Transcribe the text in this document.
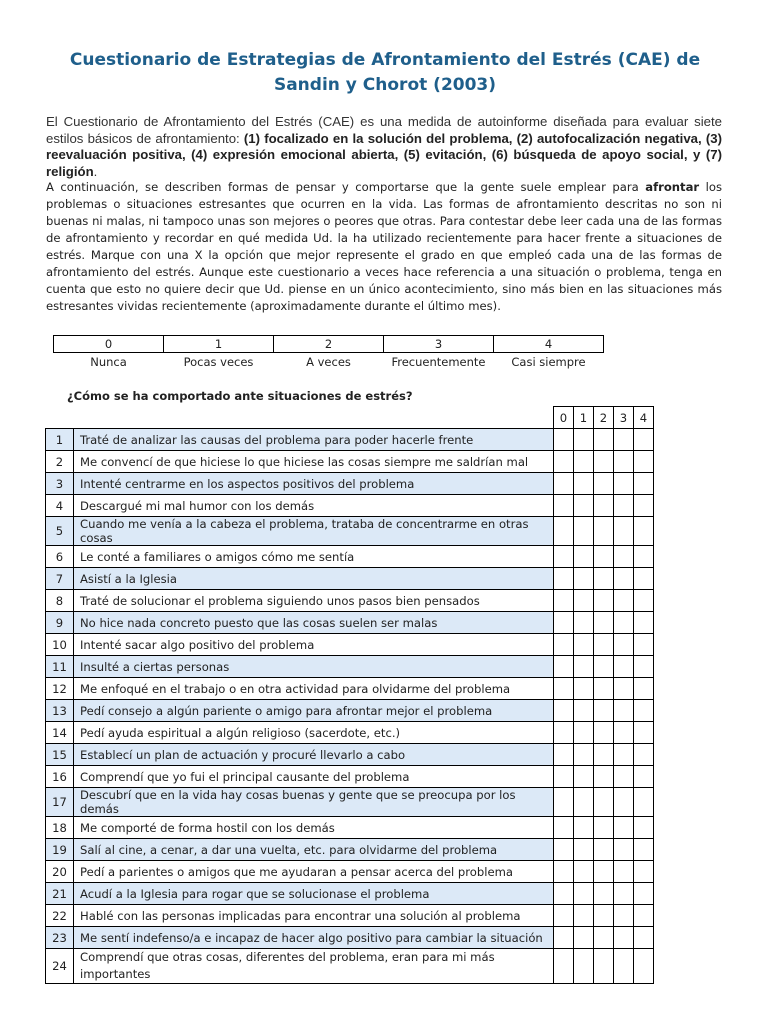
Cuestionario de Estrategias de Afrontamiento del Estrés (CAE) de Sandin y Chorot (2003)

El Cuestionario de Afrontamiento del Estrés (CAE) es una medida de autoinforme diseñada para evaluar siete estilos básicos de afrontamiento: (1) focalizado en la solución del problema, (2) autofocalización negativa, (3) reevaluación positiva, (4) expresión emocional abierta, (5) evitación, (6) búsqueda de apoyo social, y (7) religión.

A continuación, se describen formas de pensar y comportarse que la gente suele emplear para afrontar los problemas o situaciones estresantes que ocurren en la vida. Las formas de afrontamiento descritas no son ni buenas ni malas, ni tampoco unas son mejores o peores que otras. Para contestar debe leer cada una de las formas de afrontamiento y recordar en qué medida Ud. la ha utilizado recientemente para hacer frente a situaciones de estrés. Marque con una X la opción que mejor represente el grado en que empleó cada una de las formas de afrontamiento del estrés. Aunque este cuestionario a veces hace referencia a una situación o problema, tenga en cuenta que esto no quiere decir que Ud. piense en un único acontecimiento, sino más bien en las situaciones más estresantes vividas recientemente (aproximadamente durante el último mes).

0	1	2	3	4
Nunca	Pocas veces	A veces	Frecuentemente	Casi siempre

¿Cómo se ha comportado ante situaciones de estrés?

		0	1	2	3	4
1	Traté de analizar las causas del problema para poder hacerle frente					
2	Me convencí de que hiciese lo que hiciese las cosas siempre me saldrían mal					
3	Intenté centrarme en los aspectos positivos del problema					
4	Descargué mi mal humor con los demás					
5	Cuando me venía a la cabeza el problema, trataba de concentrarme en otras cosas					
6	Le conté a familiares o amigos cómo me sentía					
7	Asistí a la Iglesia					
8	Traté de solucionar el problema siguiendo unos pasos bien pensados					
9	No hice nada concreto puesto que las cosas suelen ser malas					
10	Intenté sacar algo positivo del problema					
11	Insulté a ciertas personas					
12	Me enfoqué en el trabajo o en otra actividad para olvidarme del problema					
13	Pedí consejo a algún pariente o amigo para afrontar mejor el problema					
14	Pedí ayuda espiritual a algún religioso (sacerdote, etc.)					
15	Establecí un plan de actuación y procuré llevarlo a cabo					
16	Comprendí que yo fui el principal causante del problema					
17	Descubrí que en la vida hay cosas buenas y gente que se preocupa por los demás					
18	Me comporté de forma hostil con los demás					
19	Salí al cine, a cenar, a dar una vuelta, etc. para olvidarme del problema					
20	Pedí a parientes o amigos que me ayudaran a pensar acerca del problema					
21	Acudí a la Iglesia para rogar que se solucionase el problema					
22	Hablé con las personas implicadas para encontrar una solución al problema					
23	Me sentí indefenso/a e incapaz de hacer algo positivo para cambiar la situación					
24	Comprendí que otras cosas, diferentes del problema, eran para mi más importantes					
